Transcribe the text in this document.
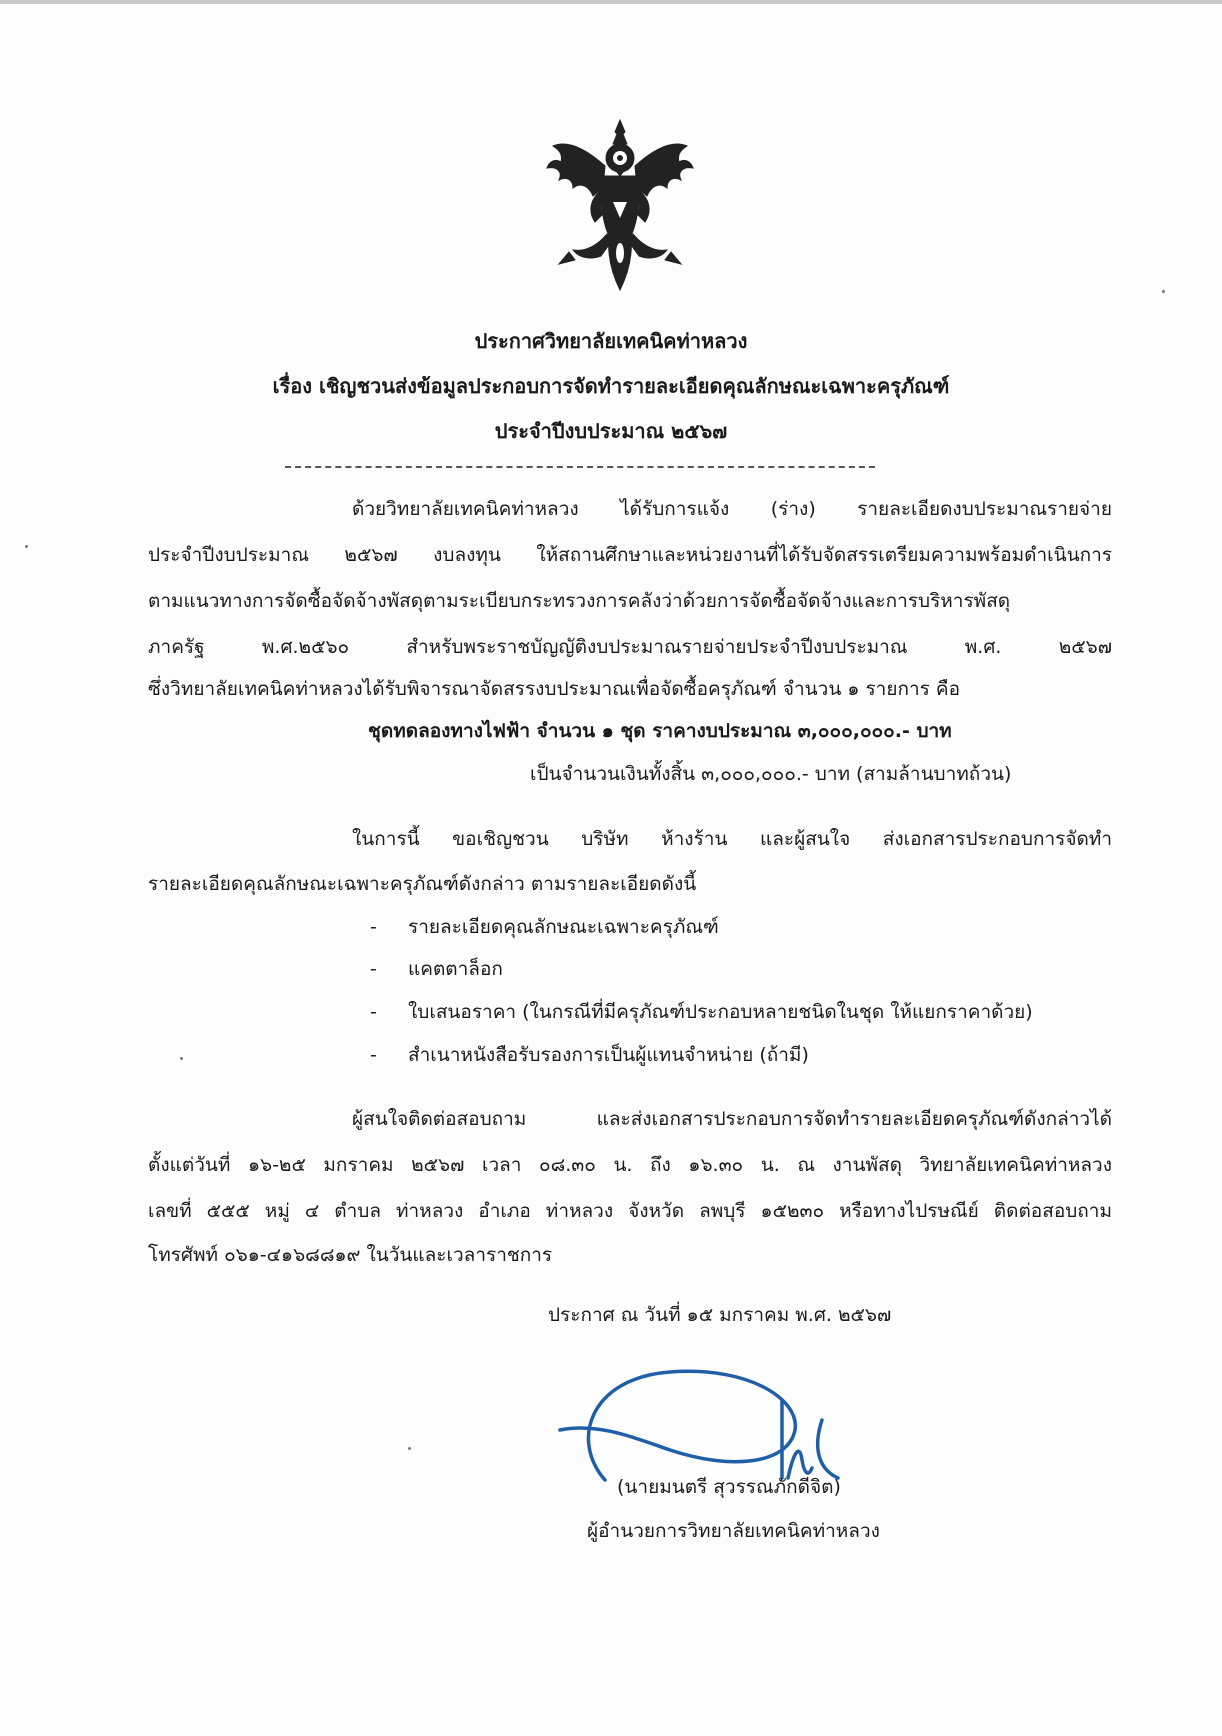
ประกาศวิทยาลัยเทคนิคท่าหลวง
เรื่อง เชิญชวนส่งข้อมูลประกอบการจัดทำรายละเอียดคุณลักษณะเฉพาะครุภัณฑ์
ประจำปีงบประมาณ ๒๕๖๗
ด้วยวิทยาลัยเทคนิคท่าหลวง ได้รับการแจ้ง (ร่าง) รายละเอียดงบประมาณรายจ่าย
ประจำปีงบประมาณ ๒๕๖๗ งบลงทุน ให้สถานศึกษาและหน่วยงานที่ได้รับจัดสรรเตรียมความพร้อมดำเนินการ
ตามแนวทางการจัดซื้อจัดจ้างพัสดุตามระเบียบกระทรวงการคลังว่าด้วยการจัดซื้อจัดจ้างและการบริหารพัสดุ
ภาครัฐ พ.ศ.๒๕๖๐ สำหรับพระราชบัญญัติงบประมาณรายจ่ายประจำปีงบประมาณ พ.ศ. ๒๕๖๗
ซึ่งวิทยาลัยเทคนิคท่าหลวงได้รับพิจารณาจัดสรรงบประมาณเพื่อจัดซื้อครุภัณฑ์ จำนวน ๑ รายการ คือ
ชุดทดลองทางไฟฟ้า จำนวน ๑ ชุด ราคางบประมาณ ๓,๐๐๐,๐๐๐.- บาท
เป็นจำนวนเงินทั้งสิ้น ๓,๐๐๐,๐๐๐.- บาท (สามล้านบาทถ้วน)
ในการนี้ ขอเชิญชวน บริษัท ห้างร้าน และผู้สนใจ ส่งเอกสารประกอบการจัดทำ
รายละเอียดคุณลักษณะเฉพาะครุภัณฑ์ดังกล่าว ตามรายละเอียดดังนี้
- รายละเอียดคุณลักษณะเฉพาะครุภัณฑ์
- แคตตาล็อก
- ใบเสนอราคา (ในกรณีที่มีครุภัณฑ์ประกอบหลายชนิดในชุด ให้แยกราคาด้วย)
- สำเนาหนังสือรับรองการเป็นผู้แทนจำหน่าย (ถ้ามี)
ผู้สนใจติดต่อสอบถาม และส่งเอกสารประกอบการจัดทำรายละเอียดครุภัณฑ์ดังกล่าวได้
ตั้งแต่วันที่ ๑๖-๒๕ มกราคม ๒๕๖๗ เวลา ๐๘.๓๐ น. ถึง ๑๖.๓๐ น. ณ งานพัสดุ วิทยาลัยเทคนิคท่าหลวง
เลขที่ ๕๕๕ หมู่ ๔ ตำบล ท่าหลวง อำเภอ ท่าหลวง จังหวัด ลพบุรี ๑๕๒๓๐ หรือทางไปรษณีย์ ติดต่อสอบถาม
โทรศัพท์ ๐๖๑-๔๑๖๘๘๑๙ ในวันและเวลาราชการ
ประกาศ ณ วันที่ ๑๕ มกราคม พ.ศ. ๒๕๖๗
(นายมนตรี สุวรรณภักดีจิต)
ผู้อำนวยการวิทยาลัยเทคนิคท่าหลวง
